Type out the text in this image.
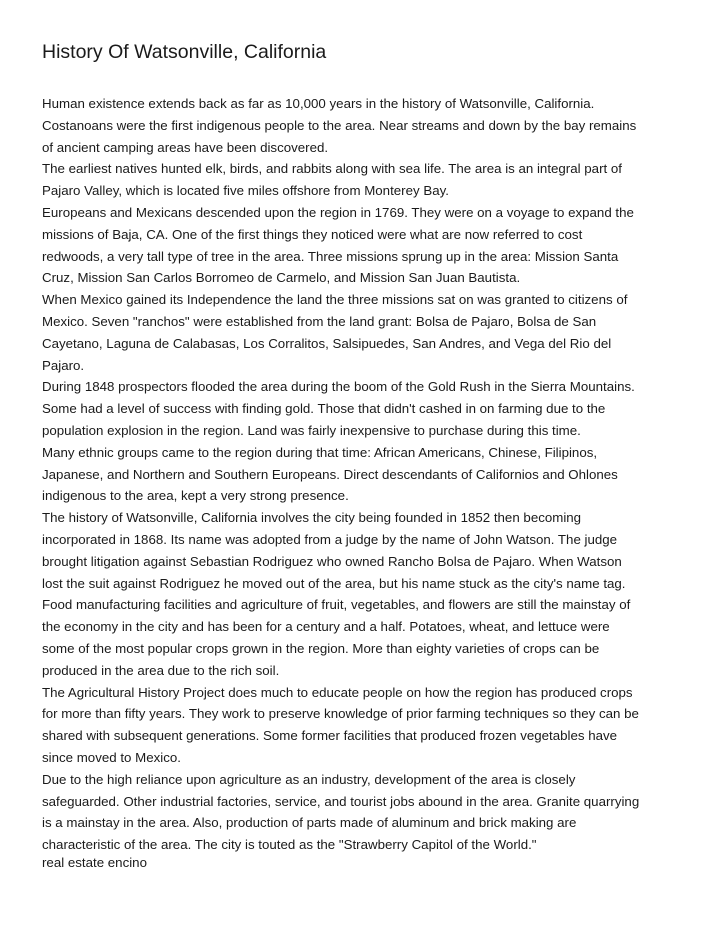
History Of Watsonville, California

Human existence extends back as far as 10,000 years in the history of Watsonville, California.

Costanoans were the first indigenous people to the area. Near streams and down by the bay remains

of ancient camping areas have been discovered.

The earliest natives hunted elk, birds, and rabbits along with sea life. The area is an integral part of

Pajaro Valley, which is located five miles offshore from Monterey Bay.

Europeans and Mexicans descended upon the region in 1769. They were on a voyage to expand the

missions of Baja, CA. One of the first things they noticed were what are now referred to cost

redwoods, a very tall type of tree in the area. Three missions sprung up in the area: Mission Santa

Cruz, Mission San Carlos Borromeo de Carmelo, and Mission San Juan Bautista.

When Mexico gained its Independence the land the three missions sat on was granted to citizens of

Mexico. Seven "ranchos" were established from the land grant: Bolsa de Pajaro, Bolsa de San

Cayetano, Laguna de Calabasas, Los Corralitos, Salsipuedes, San Andres, and Vega del Rio del

Pajaro.

During 1848 prospectors flooded the area during the boom of the Gold Rush in the Sierra Mountains.

Some had a level of success with finding gold. Those that didn't cashed in on farming due to the

population explosion in the region. Land was fairly inexpensive to purchase during this time.

Many ethnic groups came to the region during that time: African Americans, Chinese, Filipinos,

Japanese, and Northern and Southern Europeans. Direct descendants of Californios and Ohlones

indigenous to the area, kept a very strong presence.

The history of Watsonville, California involves the city being founded in 1852 then becoming

incorporated in 1868. Its name was adopted from a judge by the name of John Watson. The judge

brought litigation against Sebastian Rodriguez who owned Rancho Bolsa de Pajaro. When Watson

lost the suit against Rodriguez he moved out of the area, but his name stuck as the city's name tag.

Food manufacturing facilities and agriculture of fruit, vegetables, and flowers are still the mainstay of

the economy in the city and has been for a century and a half. Potatoes, wheat, and lettuce were

some of the most popular crops grown in the region. More than eighty varieties of crops can be

produced in the area due to the rich soil.

The Agricultural History Project does much to educate people on how the region has produced crops

for more than fifty years. They work to preserve knowledge of prior farming techniques so they can be

shared with subsequent generations. Some former facilities that produced frozen vegetables have

since moved to Mexico.

Due to the high reliance upon agriculture as an industry, development of the area is closely

safeguarded. Other industrial factories, service, and tourist jobs abound in the area. Granite quarrying

is a mainstay in the area. Also, production of parts made of aluminum and brick making are

characteristic of the area. The city is touted as the "Strawberry Capitol of the World."

real estate encino
